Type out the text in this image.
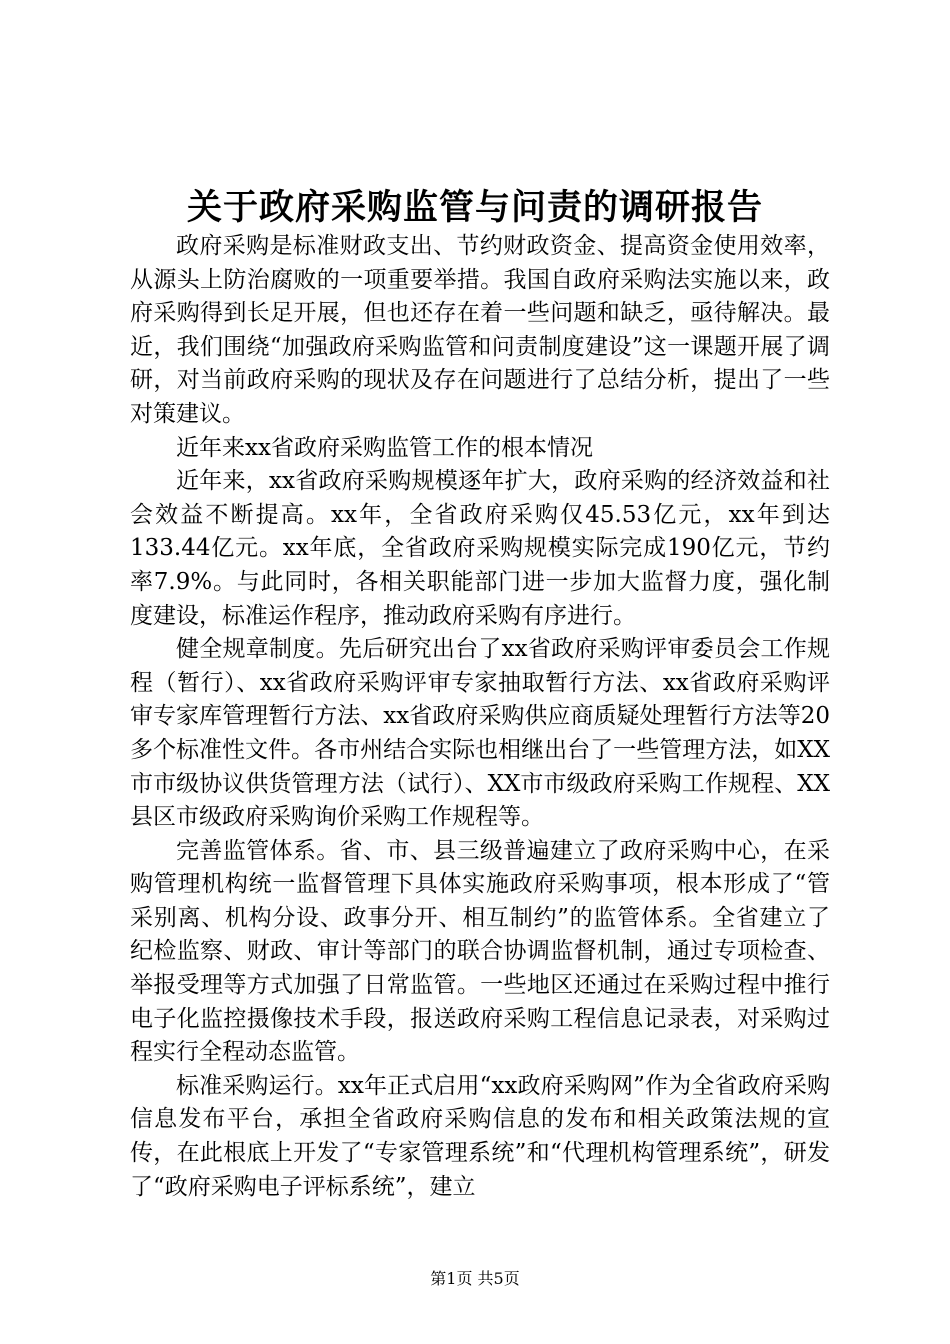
关于政府采购监管与问责的调研报告

政府采购是标准财政支出、节约财政资金、提高资金使用效率，从源头上防治腐败的一项重要举措。我国自政府采购法实施以来，政府采购得到长足开展，但也还存在着一些问题和缺乏，亟待解决。最近，我们围绕“加强政府采购监管和问责制度建设”这一课题开展了调研，对当前政府采购的现状及存在问题进行了总结分析，提出了一些对策建议。

近年来xx省政府采购监管工作的根本情况

近年来，xx省政府采购规模逐年扩大，政府采购的经济效益和社会效益不断提高。xx年，全省政府采购仅45.53亿元，xx年到达133.44亿元。xx年底，全省政府采购规模实际完成190亿元，节约率7.9%。与此同时，各相关职能部门进一步加大监督力度，强化制度建设，标准运作程序，推动政府采购有序进行。

健全规章制度。先后研究出台了xx省政府采购评审委员会工作规程（暂行）、xx省政府采购评审专家抽取暂行方法、xx省政府采购评审专家库管理暂行方法、xx省政府采购供应商质疑处理暂行方法等20多个标准性文件。各市州结合实际也相继出台了一些管理方法，如XX市市级协议供货管理方法（试行）、XX市市级政府采购工作规程、XX县区市级政府采购询价采购工作规程等。

完善监管体系。省、市、县三级普遍建立了政府采购中心，在采购管理机构统一监督管理下具体实施政府采购事项，根本形成了“管采别离、机构分设、政事分开、相互制约”的监管体系。全省建立了纪检监察、财政、审计等部门的联合协调监督机制，通过专项检查、举报受理等方式加强了日常监管。一些地区还通过在采购过程中推行电子化监控摄像技术手段，报送政府采购工程信息记录表，对采购过程实行全程动态监管。

标准采购运行。xx年正式启用“xx政府采购网”作为全省政府采购信息发布平台，承担全省政府采购信息的发布和相关政策法规的宣传，在此根底上开发了“专家管理系统”和“代理机构管理系统”，研发了“政府采购电子评标系统”，建立

第1页 共5页
